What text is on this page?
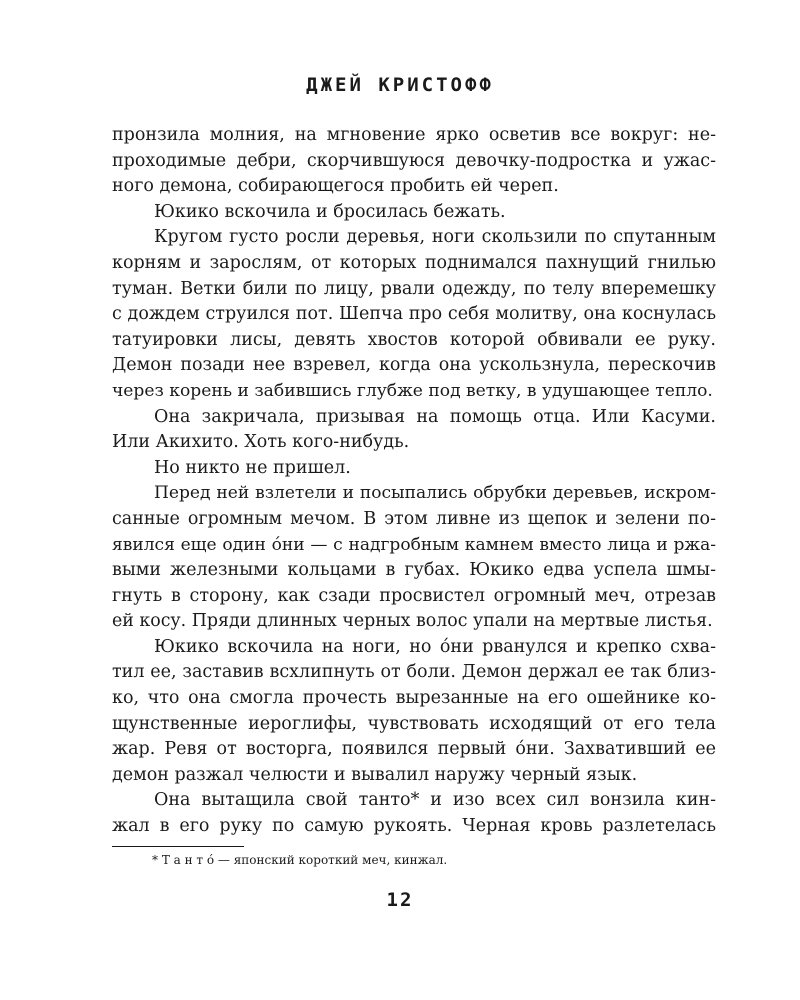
ДЖЕЙ КРИСТОФФ
пронзила молния, на мгновение ярко осветив все вокруг: не-
проходимые дебри, скорчившуюся девочку-подростка и ужас-
ного демона, собирающегося пробить ей череп.
Юкико вскочила и бросилась бежать.
Кругом густо росли деревья, ноги скользили по спутанным
корням и зарослям, от которых поднимался пахнущий гнилью
туман. Ветки били по лицу, рвали одежду, по телу вперемешку
с дождем струился пот. Шепча про себя молитву, она коснулась
татуировки лисы, девять хвостов которой обвивали ее руку.
Демон позади нее взревел, когда она ускользнула, перескочив
через корень и забившись глубже под ветку, в удушающее тепло.
Она закричала, призывая на помощь отца. Или Касуми.
Или Акихито. Хоть кого-нибудь.
Но никто не пришел.
Перед ней взлетели и посыпались обрубки деревьев, искром-
санные огромным мечом. В этом ливне из щепок и зелени по-
явился еще один óни — с надгробным камнем вместо лица и ржа-
выми железными кольцами в губах. Юкико едва успела шмы-
гнуть в сторону, как сзади просвистел огромный меч, отрезав
ей косу. Пряди длинных черных волос упали на мертвые листья.
Юкико вскочила на ноги, но óни рванулся и крепко схва-
тил ее, заставив всхлипнуть от боли. Демон держал ее так близ-
ко, что она смогла прочесть вырезанные на его ошейнике ко-
щунственные иероглифы, чувствовать исходящий от его тела
жар. Ревя от восторга, появился первый óни. Захвативший ее
демон разжал челюсти и вывалил наружу черный язык.
Она вытащила свой танто* и изо всех сил вонзила кин-
жал в его руку по самую рукоять. Черная кровь разлетелась
* Т а н т ó — японский короткий меч, кинжал.
12
